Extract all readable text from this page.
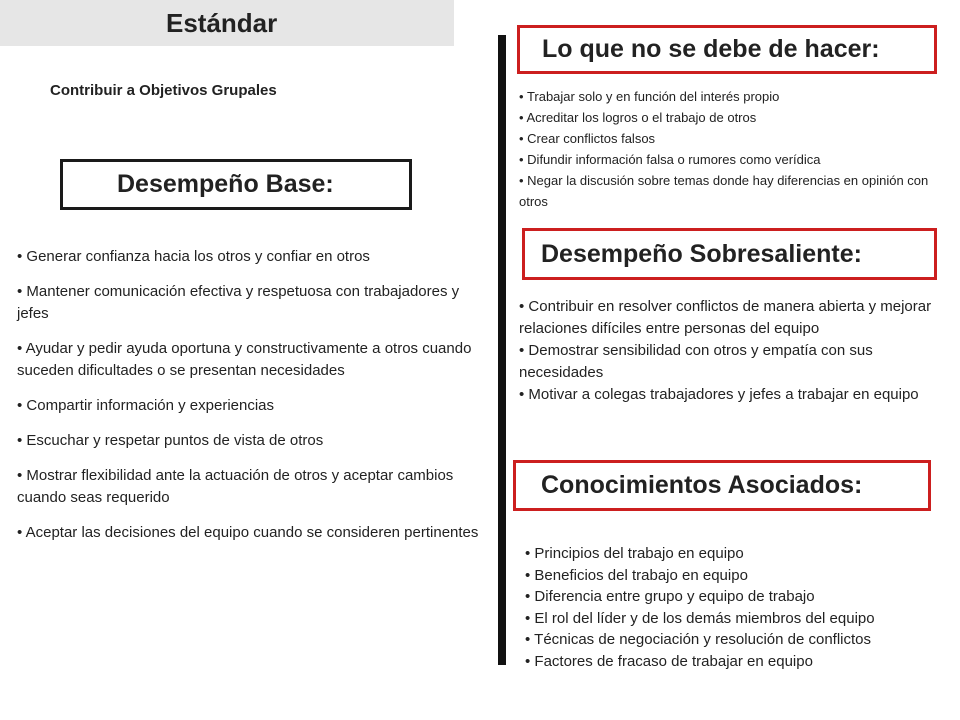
Estándar
Contribuir a Objetivos Grupales
Desempeño Base:
• Generar confianza hacia los otros y confiar en otros
• Mantener comunicación efectiva y respetuosa con trabajadores y jefes
• Ayudar y pedir ayuda oportuna y constructivamente a otros cuando suceden dificultades o se presentan necesidades
• Compartir información y experiencias
• Escuchar y respetar puntos de vista de otros
• Mostrar flexibilidad ante la actuación de otros y aceptar cambios cuando seas requerido
• Aceptar las decisiones del equipo cuando se consideren pertinentes
Lo que no se debe de hacer:
• Trabajar solo y en función del interés propio
• Acreditar los logros o el trabajo de otros
• Crear conflictos falsos
• Difundir información falsa o rumores como verídica
• Negar la discusión sobre temas donde hay diferencias en opinión con otros
Desempeño Sobresaliente:
• Contribuir en resolver conflictos de manera abierta y mejorar relaciones difíciles entre personas del equipo
• Demostrar sensibilidad con otros y empatía con sus necesidades
• Motivar a colegas trabajadores y jefes a trabajar en equipo
Conocimientos Asociados:
• Principios del trabajo en equipo
• Beneficios del trabajo en equipo
• Diferencia entre grupo y equipo de trabajo
• El rol del líder y de los demás miembros del equipo
• Técnicas de negociación y resolución de conflictos
• Factores de fracaso de trabajar en equipo
